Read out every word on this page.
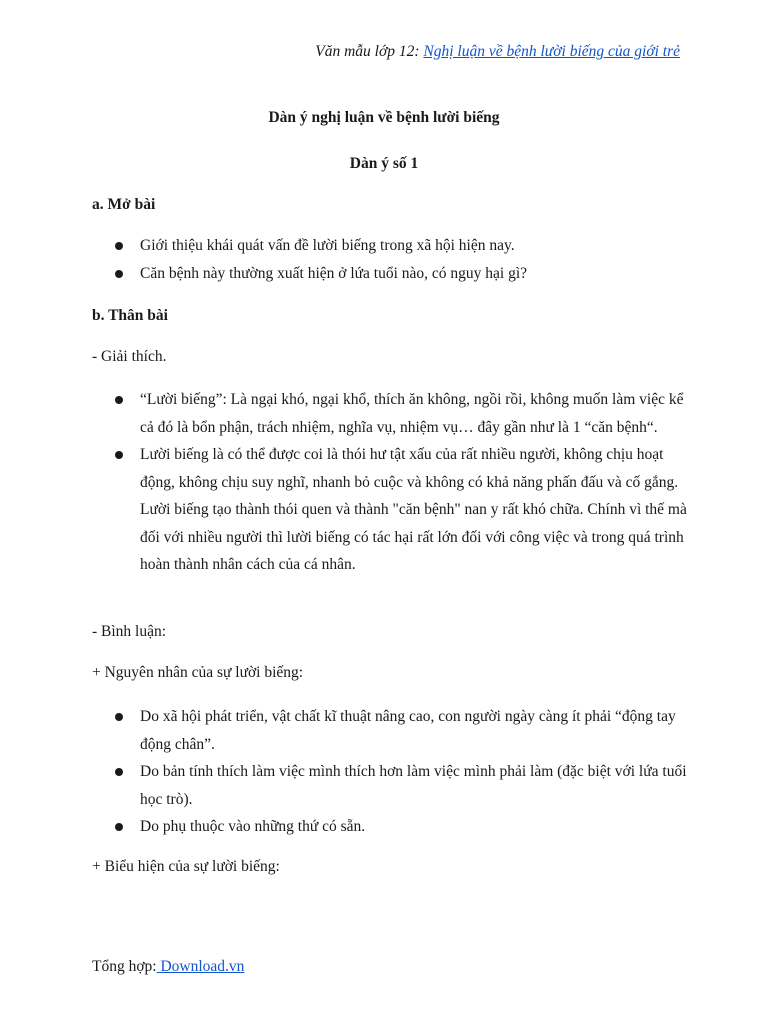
Văn mẫu lớp 12: Nghị luận về bệnh lười biếng của giới trẻ
Dàn ý nghị luận về bệnh lười biếng
Dàn ý số 1
a. Mở bài
Giới thiệu khái quát vấn đề lười biếng trong xã hội hiện nay.
Căn bệnh này thường xuất hiện ở lứa tuổi nào, có nguy hại gì?
b. Thân bài
- Giải thích.
“Lười biếng”: Là ngại khó, ngại khổ, thích ăn không, ngồi rồi, không muốn làm việc kể cả đó là bổn phận, trách nhiệm, nghĩa vụ, nhiệm vụ… đây gần như là 1 “căn bệnh“.
Lười biếng là có thể được coi là thói hư tật xấu của rất nhiều người, không chịu hoạt động, không chịu suy nghĩ, nhanh bỏ cuộc và không có khả năng phấn đấu và cố gắng. Lười biếng tạo thành thói quen và thành "căn bệnh" nan y rất khó chữa. Chính vì thế mà đối với nhiều người thì lười biếng có tác hại rất lớn đối với công việc và trong quá trình hoàn thành nhân cách của cá nhân.
- Bình luận:
+ Nguyên nhân của sự lười biếng:
Do xã hội phát triển, vật chất kĩ thuật nâng cao, con người ngày càng ít phải “động tay động chân”.
Do bản tính thích làm việc mình thích hơn làm việc mình phải làm (đặc biệt với lứa tuổi học trò).
Do phụ thuộc vào những thứ có sẵn.
+ Biểu hiện của sự lười biếng:
Tổng hợp: Download.vn
